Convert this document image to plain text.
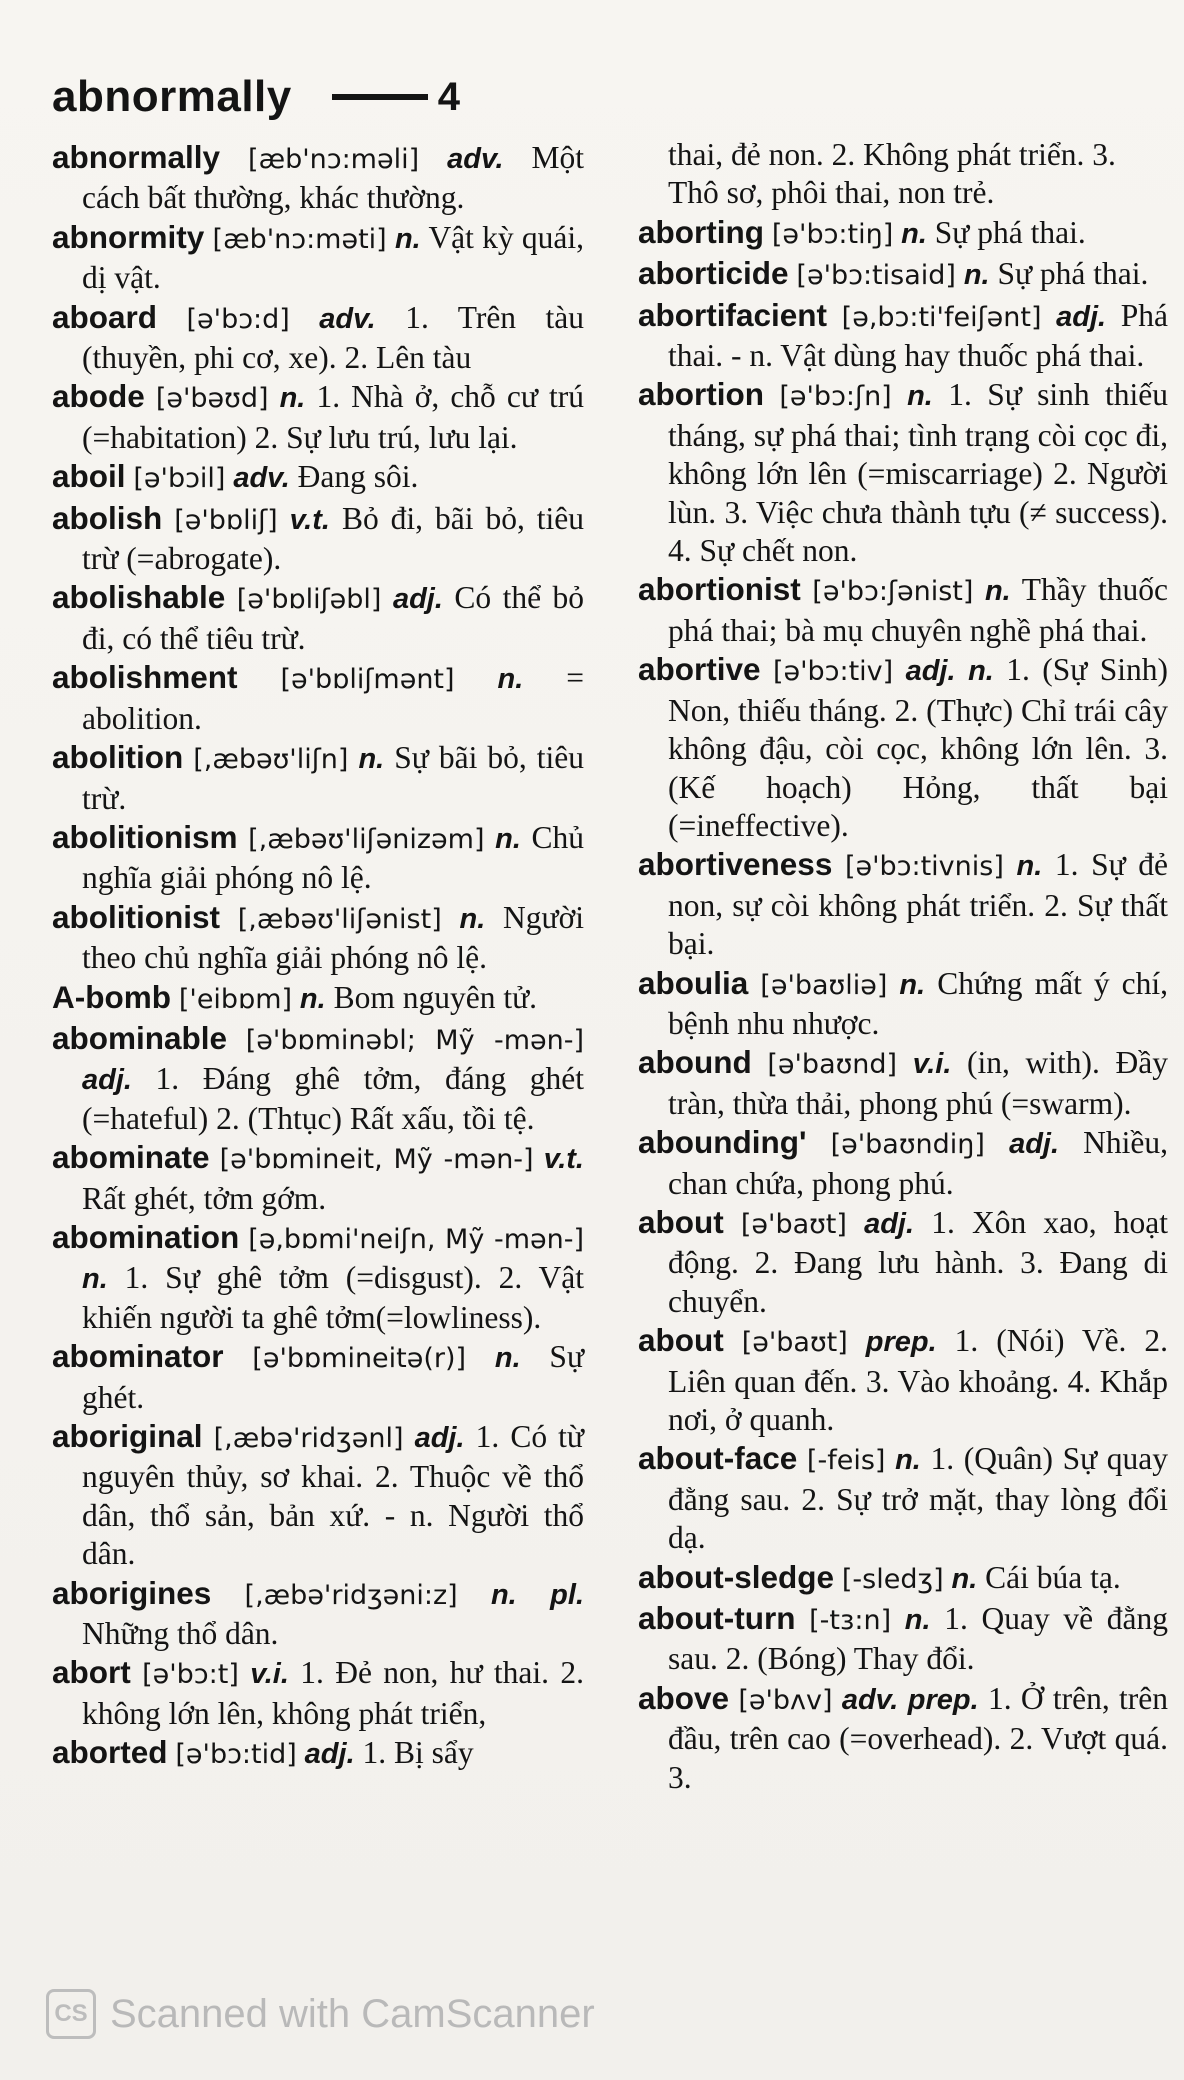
abnormally	4
abnormally [æb'nɔ:məli] adv. Một cách bất thường, khác thường.
abnormity [æb'nɔ:məti] n. Vật kỳ quái, dị vật.
aboard [ə'bɔ:d] adv. 1. Trên tàu (thuyền, phi cơ, xe). 2. Lên tàu
abode [ə'bəʊd] n. 1. Nhà ở, chỗ cư trú (=habitation) 2. Sự lưu trú, lưu lại.
aboil [ə'bɔil] adv. Đang sôi.
abolish [ə'bɒliʃ] v.t. Bỏ đi, bãi bỏ, tiêu trừ (=abrogate).
abolishable [ə'bɒliʃəbl] adj. Có thể bỏ đi, có thể tiêu trừ.
abolishment [ə'bɒliʃmənt] n. = abolition.
abolition [,æbəʊ'liʃn] n. Sự bãi bỏ, tiêu trừ.
abolitionism [,æbəʊ'liʃənizəm] n. Chủ nghĩa giải phóng nô lệ.
abolitionist [,æbəʊ'liʃənist] n. Người theo chủ nghĩa giải phóng nô lệ.
A-bomb ['eibɒm] n. Bom nguyên tử.
abominable [ə'bɒminəbl; Mỹ -mən-] adj. 1. Đáng ghê tởm, đáng ghét (=hateful) 2. (Thtục) Rất xấu, tồi tệ.
abominate [ə'bɒmineit, Mỹ -mən-] v.t. Rất ghét, tởm gớm.
abomination [ə,bɒmi'neiʃn, Mỹ -mən-] n. 1. Sự ghê tởm (=disgust). 2. Vật khiến người ta ghê tởm(=lowliness).
abominator [ə'bɒmineitə(r)] n. Sự ghét.
aboriginal [,æbə'ridʒənl] adj. 1. Có từ nguyên thủy, sơ khai. 2. Thuộc về thổ dân, thổ sản, bản xứ. - n. Người thổ dân.
aborigines [,æbə'ridʒəni:z] n. pl. Những thổ dân.
abort [ə'bɔ:t] v.i. 1. Đẻ non, hư thai. 2. không lớn lên, không phát triển,
aborted [ə'bɔ:tid] adj. 1. Bị sẩy
thai, đẻ non. 2. Không phát triển. 3. Thô sơ, phôi thai, non trẻ.
aborting [ə'bɔ:tiŋ] n. Sự phá thai.
aborticide [ə'bɔ:tisaid] n. Sự phá thai.
abortifacient [ə,bɔ:ti'feiʃənt] adj. Phá thai. - n. Vật dùng hay thuốc phá thai.
abortion [ə'bɔ:ʃn] n. 1. Sự sinh thiếu tháng, sự phá thai; tình trạng còi cọc đi, không lớn lên (=miscarriage) 2. Người lùn. 3. Việc chưa thành tựu (≠ success). 4. Sự chết non.
abortionist [ə'bɔ:ʃənist] n. Thầy thuốc phá thai; bà mụ chuyên nghề phá thai.
abortive [ə'bɔ:tiv] adj. n. 1. (Sự Sinh) Non, thiếu tháng. 2. (Thực) Chỉ trái cây không đậu, còi cọc, không lớn lên. 3. (Kế hoạch) Hỏng, thất bại (=ineffective).
abortiveness [ə'bɔ:tivnis] n. 1. Sự đẻ non, sự còi không phát triển. 2. Sự thất bại.
aboulia [ə'baʊliə] n. Chứng mất ý chí, bệnh nhu nhược.
abound [ə'baʊnd] v.i. (in, with). Đầy tràn, thừa thải, phong phú (=swarm).
abounding' [ə'baʊndiŋ] adj. Nhiều, chan chứa, phong phú.
about [ə'baʊt] adj. 1. Xôn xao, hoạt động. 2. Đang lưu hành. 3. Đang di chuyển.
about [ə'baʊt] prep. 1. (Nói) Về. 2. Liên quan đến. 3. Vào khoảng. 4. Khắp nơi, ở quanh.
about-face [-feis] n. 1. (Quân) Sự quay đằng sau. 2. Sự trở mặt, thay lòng đổi dạ.
about-sledge [-sledʒ] n. Cái búa tạ.
about-turn [-tɜ:n] n. 1. Quay về đằng sau. 2. (Bóng) Thay đổi.
above [ə'bʌv] adv. prep. 1. Ở trên, trên đầu, trên cao (=overhead). 2. Vượt quá. 3.
CS Scanned with CamScanner
